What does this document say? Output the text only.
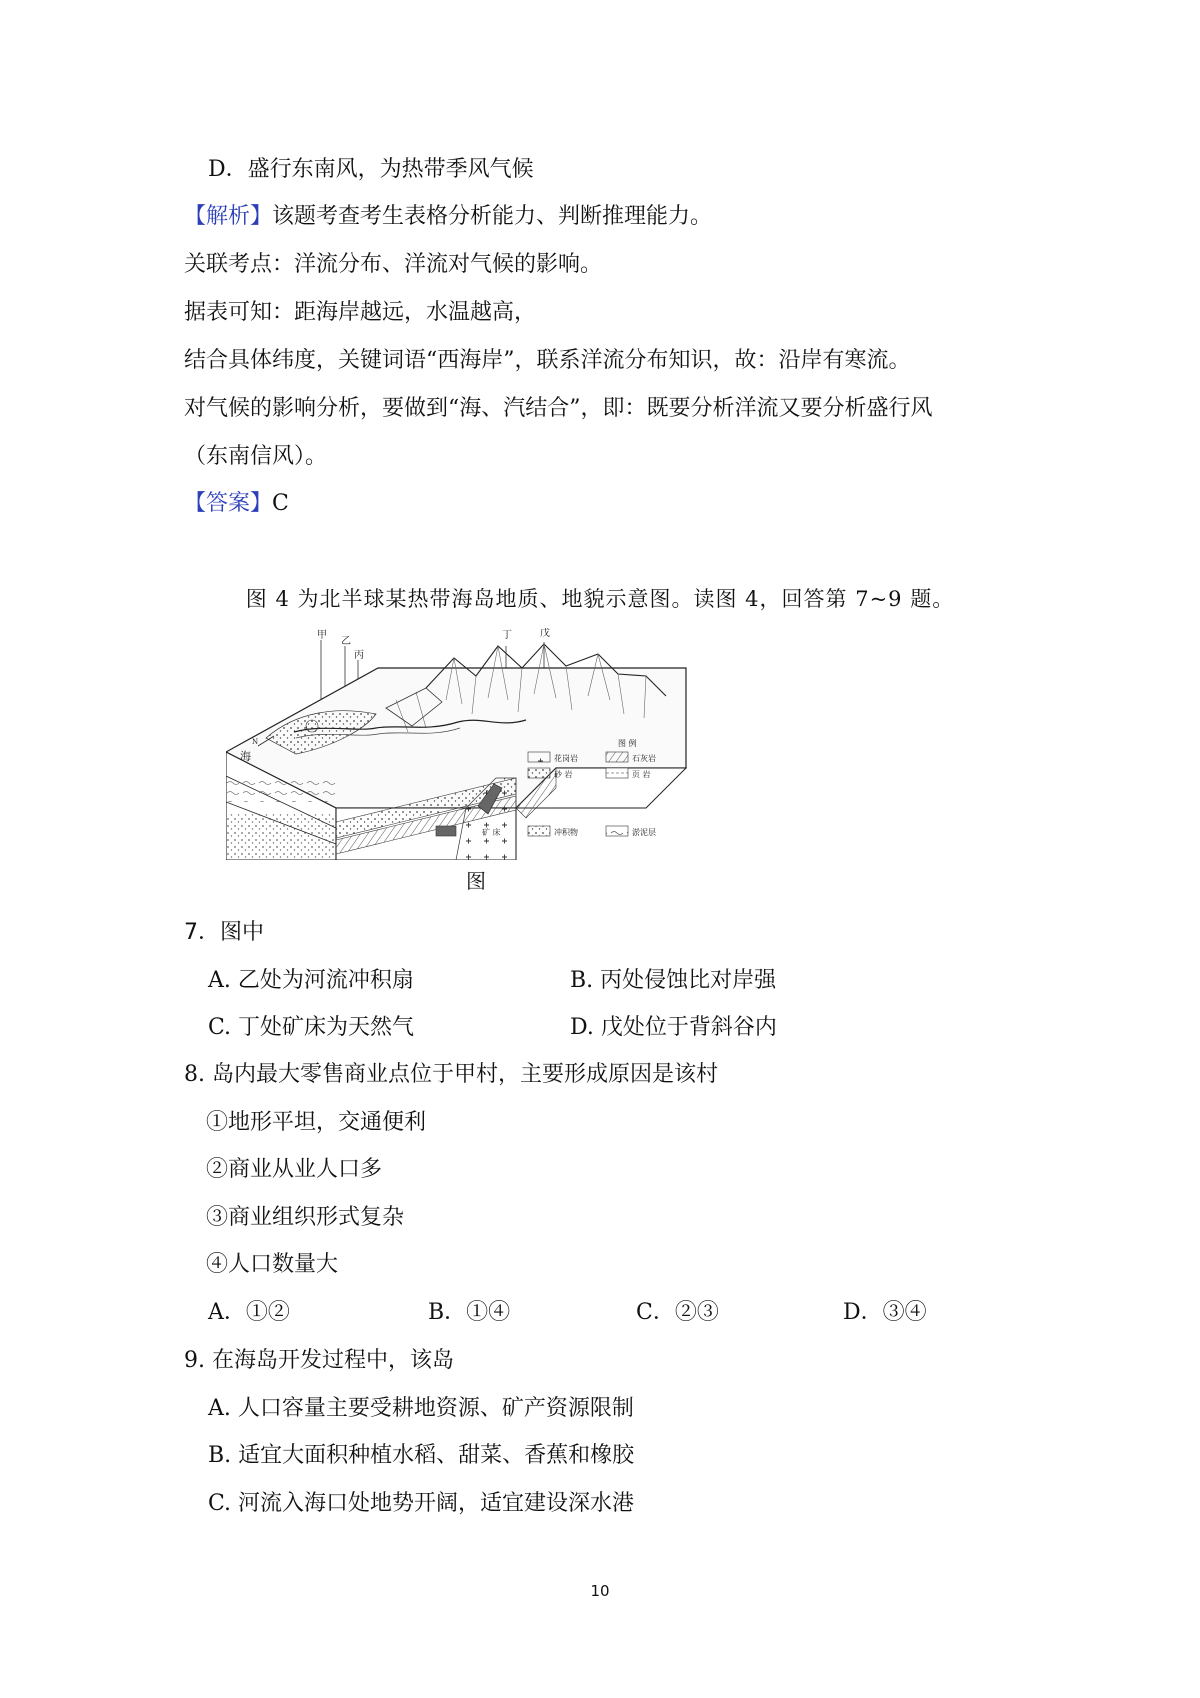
D．盛行东南风，为热带季风气候
【解析】该题考查考生表格分析能力、判断推理能力。
关联考点：洋流分布、洋流对气候的影响。
据表可知：距海岸越远，水温越高，
结合具体纬度，关键词语“西海岸”，联系洋流分布知识，故：沿岸有寒流。
对气候的影响分析，要做到“海、汽结合”，即：既要分析洋流又要分析盛行风
（东南信风）。
【答案】C
图 4 为北半球某热带海岛地质、地貌示意图。读图 4，回答第 7~9 题。
甲
乙
丙
丁	戊
海
N	图 例
花岗岩	石灰岩
砂 岩	页 岩
矿 床	冲积物	淤泥层
图
7．图中
A. 乙处为河流冲积扇	B. 丙处侵蚀比对岸强
C. 丁处矿床为天然气	D. 戊处位于背斜谷内
8. 岛内最大零售商业点位于甲村，主要形成原因是该村
①地形平坦，交通便利
②商业从业人口多
③商业组织形式复杂
④人口数量大
A．①②	B．①④	C．②③	D．③④
9. 在海岛开发过程中，该岛
A. 人口容量主要受耕地资源、矿产资源限制
B. 适宜大面积种植水稻、甜菜、香蕉和橡胶
C. 河流入海口处地势开阔，适宜建设深水港
10
